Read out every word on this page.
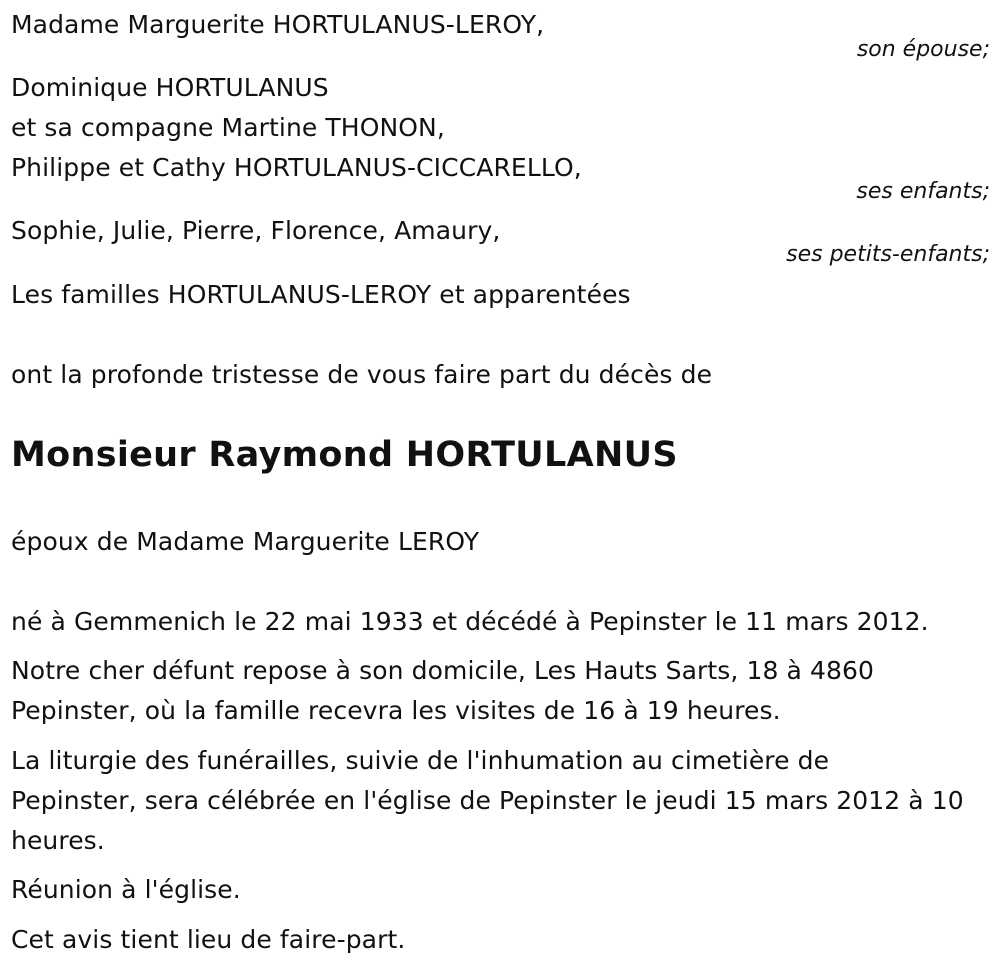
Madame Marguerite HORTULANUS-LEROY,
son épouse;
Dominique HORTULANUS
et sa compagne Martine THONON,
Philippe et Cathy HORTULANUS-CICCARELLO,
ses enfants;
Sophie, Julie, Pierre, Florence, Amaury,
ses petits-enfants;
Les familles HORTULANUS-LEROY et apparentées
ont la profonde tristesse de vous faire part du décès de
Monsieur Raymond HORTULANUS
époux de Madame Marguerite LEROY
né à Gemmenich le 22 mai 1933 et décédé à Pepinster le 11 mars 2012.
Notre cher défunt repose à son domicile, Les Hauts Sarts, 18 à 4860
Pepinster, où la famille recevra les visites de 16 à 19 heures.
La liturgie des funérailles, suivie de l'inhumation au cimetière de
Pepinster, sera célébrée en l'église de Pepinster le jeudi 15 mars 2012 à 10
heures.
Réunion à l'église.
Cet avis tient lieu de faire-part.
